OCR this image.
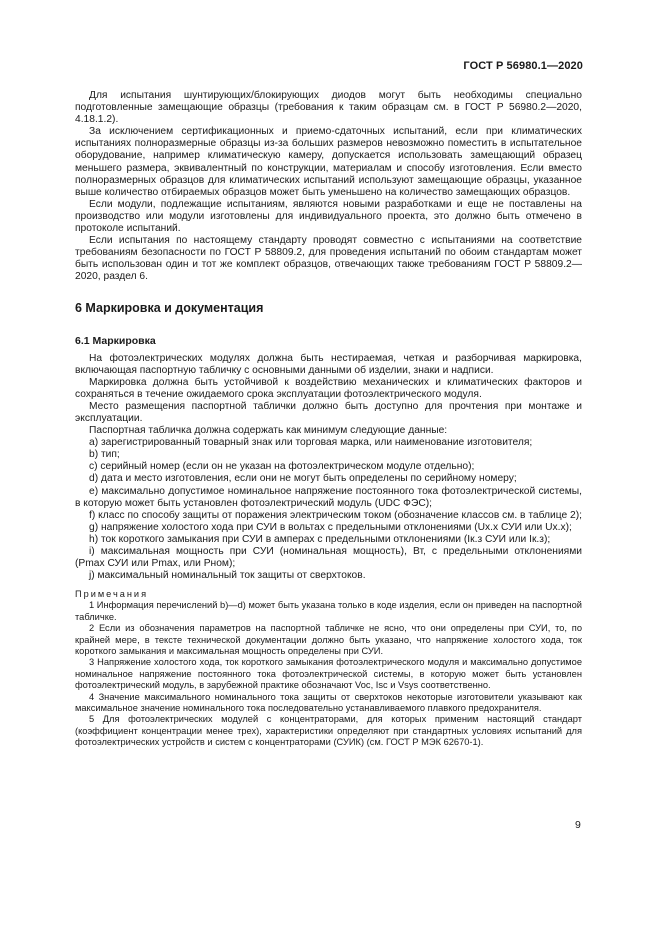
ГОСТ Р 56980.1—2020

Для испытания шунтирующих/блокирующих диодов могут быть необходимы специально подготовленные замещающие образцы (требования к таким образцам см. в ГОСТ Р 56980.2—2020, 4.18.1.2).

За исключением сертификационных и приемо-сдаточных испытаний, если при климатических испытаниях полноразмерные образцы из-за больших размеров невозможно поместить в испытательное оборудование, например климатическую камеру, допускается использовать замещающий образец меньшего размера, эквивалентный по конструкции, материалам и способу изготовления. Если вместо полноразмерных образцов для климатических испытаний используют замещающие образцы, указанное выше количество отбираемых образцов может быть уменьшено на количество замещающих образцов.

Если модули, подлежащие испытаниям, являются новыми разработками и еще не поставлены на производство или модули изготовлены для индивидуального проекта, это должно быть отмечено в протоколе испытаний.

Если испытания по настоящему стандарту проводят совместно с испытаниями на соответствие требованиям безопасности по ГОСТ Р 58809.2, для проведения испытаний по обоим стандартам может быть использован один и тот же комплект образцов, отвечающих также требованиям ГОСТ Р 58809.2—2020, раздел 6.

6 Маркировка и документация
6.1 Маркировка

На фотоэлектрических модулях должна быть нестираемая, четкая и разборчивая маркировка, включающая паспортную табличку с основными данными об изделии, знаки и надписи.

Маркировка должна быть устойчивой к воздействию механических и климатических факторов и сохраняться в течение ожидаемого срока эксплуатации фотоэлектрического модуля.

Место размещения паспортной таблички должно быть доступно для прочтения при монтаже и эксплуатации.

Паспортная табличка должна содержать как минимум следующие данные:

a) зарегистрированный товарный знак или торговая марка, или наименование изготовителя;

b) тип;

c) серийный номер (если он не указан на фотоэлектрическом модуле отдельно);

d) дата и место изготовления, если они не могут быть определены по серийному номеру;

e) максимально допустимое номинальное напряжение постоянного тока фотоэлектрической системы, в которую может быть установлен фотоэлектрический модуль (UDC ФЭС);

f) класс по способу защиты от поражения электрическим током (обозначение классов см. в таблице 2);

g) напряжение холостого хода при СУИ в вольтах с предельными отклонениями (Uх.х СУИ или Uх.х);

h) ток короткого замыкания при СУИ в амперах с предельными отклонениями (Iк.з СУИ или Iк.з);

i) максимальная мощность при СУИ (номинальная мощность), Вт, с предельными отклонениями (Pmax СУИ или Pmax, или Pном);

j) максимальный номинальный ток защиты от сверхтоков.

Примечания

1 Информация перечислений b)—d) может быть указана только в коде изделия, если он приведен на паспортной табличке.

2 Если из обозначения параметров на паспортной табличке не ясно, что они определены при СУИ, то, по крайней мере, в тексте технической документации должно быть указано, что напряжение холостого хода, ток короткого замыкания и максимальная мощность определены при СУИ.

3 Напряжение холостого хода, ток короткого замыкания фотоэлектрического модуля и максимально допустимое номинальное напряжение постоянного тока фотоэлектрической системы, в которую может быть установлен фотоэлектрический модуль, в зарубежной практике обозначают Voc, Isc и Vsys соответственно.

4 Значение максимального номинального тока защиты от сверхтоков некоторые изготовители указывают как максимальное значение номинального тока последовательно устанавливаемого плавкого предохранителя.

5 Для фотоэлектрических модулей с концентраторами, для которых применим настоящий стандарт (коэффициент концентрации менее трех), характеристики определяют при стандартных условиях испытаний для фотоэлектрических устройств и систем с концентраторами (СУИК) (см. ГОСТ Р МЭК 62670-1).

9
